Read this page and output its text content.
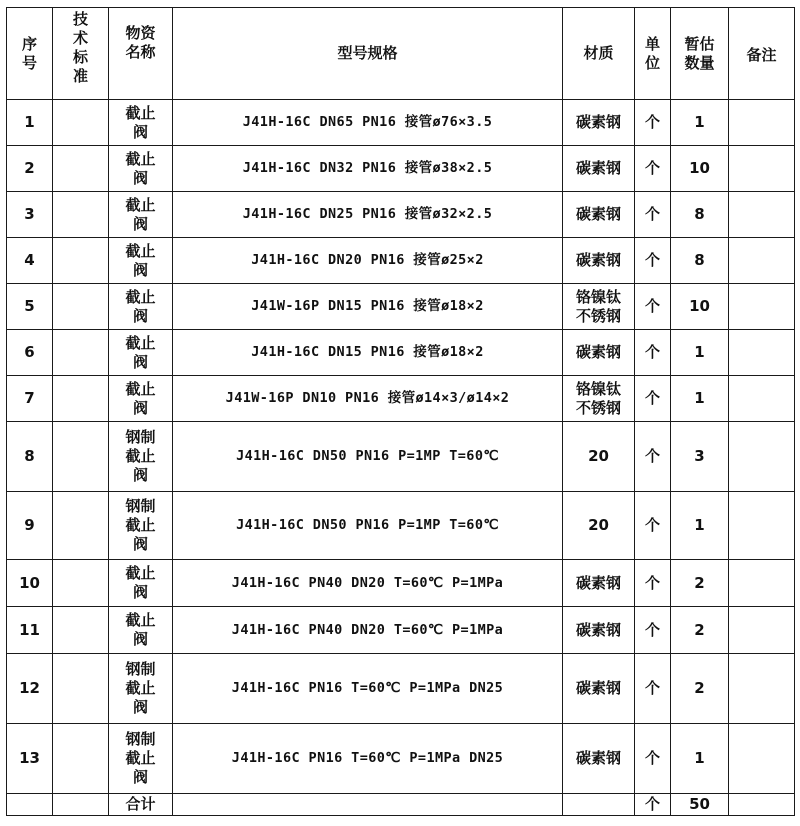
序
号	技
术
标
准	物资
名称	型号规格	材质	单
位	暂估
数量	备注
1		截止
阀	J41H-16C DN65 PN16 接管ø76×3.5	碳素钢	个	1	
2		截止
阀	J41H-16C DN32 PN16 接管ø38×2.5	碳素钢	个	10	
3		截止
阀	J41H-16C DN25 PN16 接管ø32×2.5	碳素钢	个	8	
4		截止
阀	J41H-16C DN20 PN16 接管ø25×2	碳素钢	个	8	
5		截止
阀	J41W-16P DN15 PN16 接管ø18×2	铬镍钛
不锈钢	个	10	
6		截止
阀	J41H-16C DN15 PN16 接管ø18×2	碳素钢	个	1	
7		截止
阀	J41W-16P DN10 PN16 接管ø14×3/ø14×2	铬镍钛
不锈钢	个	1	
8		钢制
截止
阀	J41H-16C DN50 PN16 P=1MP T=60℃	20	个	3	
9		钢制
截止
阀	J41H-16C DN50 PN16 P=1MP T=60℃	20	个	1	
10		截止
阀	J41H-16C PN40 DN20 T=60℃ P=1MPa	碳素钢	个	2	
11		截止
阀	J41H-16C PN40 DN20 T=60℃ P=1MPa	碳素钢	个	2	
12		钢制
截止
阀	J41H-16C PN16 T=60℃ P=1MPa DN25	碳素钢	个	2	
13		钢制
截止
阀	J41H-16C PN16 T=60℃ P=1MPa DN25	碳素钢	个	1	
		合计			个	50	
